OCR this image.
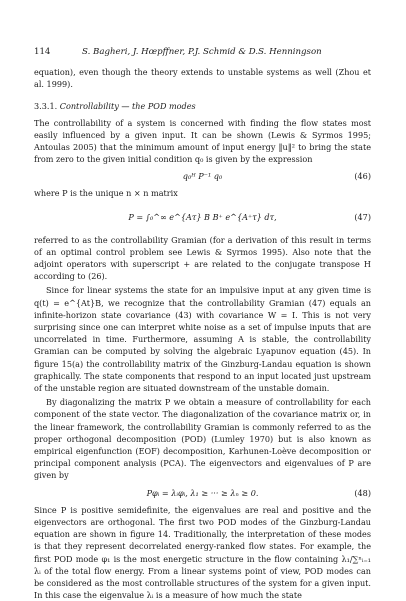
114	S. Bagheri, J. Hœpffner, P.J. Schmid & D.S. Henningson

equation), even though the theory extends to unstable systems as well (Zhou et al. 1999).

3.3.1. Controllability — the POD modes

The controllability of a system is concerned with finding the flow states most easily influenced by a given input. It can be shown (Lewis & Syrmos 1995; Antoulas 2005) that the minimum amount of input energy ‖u‖² to bring the state from zero to the given initial condition q₀ is given by the expression

q₀ᴴ P⁻¹ q₀	(46)

where P is the unique n × n matrix

P = ∫₀^∞ e^{Aτ} B B⁺ e^{A⁺τ} dτ,	(47)

referred to as the controllability Gramian (for a derivation of this result in terms of an optimal control problem see Lewis & Syrmos 1995). Also note that the adjoint operators with superscript + are related to the conjugate transpose H according to (26).

Since for linear systems the state for an impulsive input at any given time is q(t) = e^{At}B, we recognize that the controllability Gramian (47) equals an infinite-horizon state covariance (43) with covariance W = I. This is not very surprising since one can interpret white noise as a set of impulse inputs that are uncorrelated in time. Furthermore, assuming A is stable, the controllability Gramian can be computed by solving the algebraic Lyapunov equation (45). In figure 15(a) the controllability matrix of the Ginzburg-Landau equation is shown graphically. The state components that respond to an input located just upstream of the unstable region are situated downstream of the unstable domain.

By diagonalizing the matrix P we obtain a measure of controllability for each component of the state vector. The diagonalization of the covariance matrix or, in the linear framework, the controllability Gramian is commonly referred to as the proper orthogonal decomposition (POD) (Lumley 1970) but is also known as empirical eigenfunction (EOF) decomposition, Karhunen-Loève decomposition or principal component analysis (PCA). The eigenvectors and eigenvalues of P are given by

Pφᵢ = λᵢφᵢ, λ₁ ≥ ··· ≥ λₙ ≥ 0.	(48)

Since P is positive semidefinite, the eigenvalues are real and positive and the eigenvectors are orthogonal. The first two POD modes of the Ginzburg-Landau equation are shown in figure 14. Traditionally, the interpretation of these modes is that they represent decorrelated energy-ranked flow states. For example, the first POD mode φ₁ is the most energetic structure in the flow containing λ₁/∑ⁿᵢ₌₁ λᵢ of the total flow energy. From a linear systems point of view, POD modes can be considered as the most controllable structures of the system for a given input. In this case the eigenvalue λᵢ is a measure of how much the state
